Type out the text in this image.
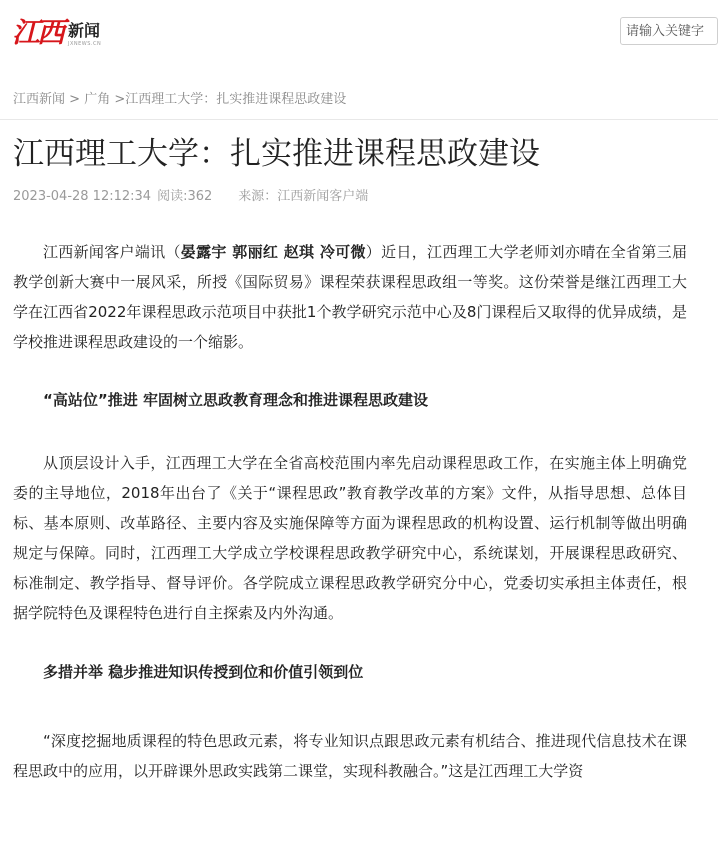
江西 新闻
JXNEWS.CN
请输入关键字
江西新闻 > 广角 >江西理工大学：扎实推进课程思政建设
江西理工大学：扎实推进课程思政建设
2023-04-28 12:12:34 阅读:362 来源：江西新闻客户端

江西新闻客户端讯（晏露宇 郭丽红 赵琪 冷可微）近日，江西理工大学老师刘亦晴在全省第三届教学创新大赛中一展风采，所授《国际贸易》课程荣获课程思政组一等奖。这份荣誉是继江西理工大学在江西省2022年课程思政示范项目中获批1个教学研究示范中心及8门课程后又取得的优异成绩，是学校推进课程思政建设的一个缩影。

“高站位”推进 牢固树立思政教育理念和推进课程思政建设

从顶层设计入手，江西理工大学在全省高校范围内率先启动课程思政工作，在实施主体上明确党委的主导地位，2018年出台了《关于“课程思政”教育教学改革的方案》文件，从指导思想、总体目标、基本原则、改革路径、主要内容及实施保障等方面为课程思政的机构设置、运行机制等做出明确规定与保障。同时，江西理工大学成立学校课程思政教学研究中心，系统谋划，开展课程思政研究、标准制定、教学指导、督导评价。各学院成立课程思政教学研究分中心，党委切实承担主体责任，根据学院特色及课程特色进行自主探索及内外沟通。

多措并举 稳步推进知识传授到位和价值引领到位

“深度挖掘地质课程的特色思政元素，将专业知识点跟思政元素有机结合、推进现代信息技术在课程思政中的应用，以开辟课外思政实践第二课堂，实现科教融合。”这是江西理工大学资
